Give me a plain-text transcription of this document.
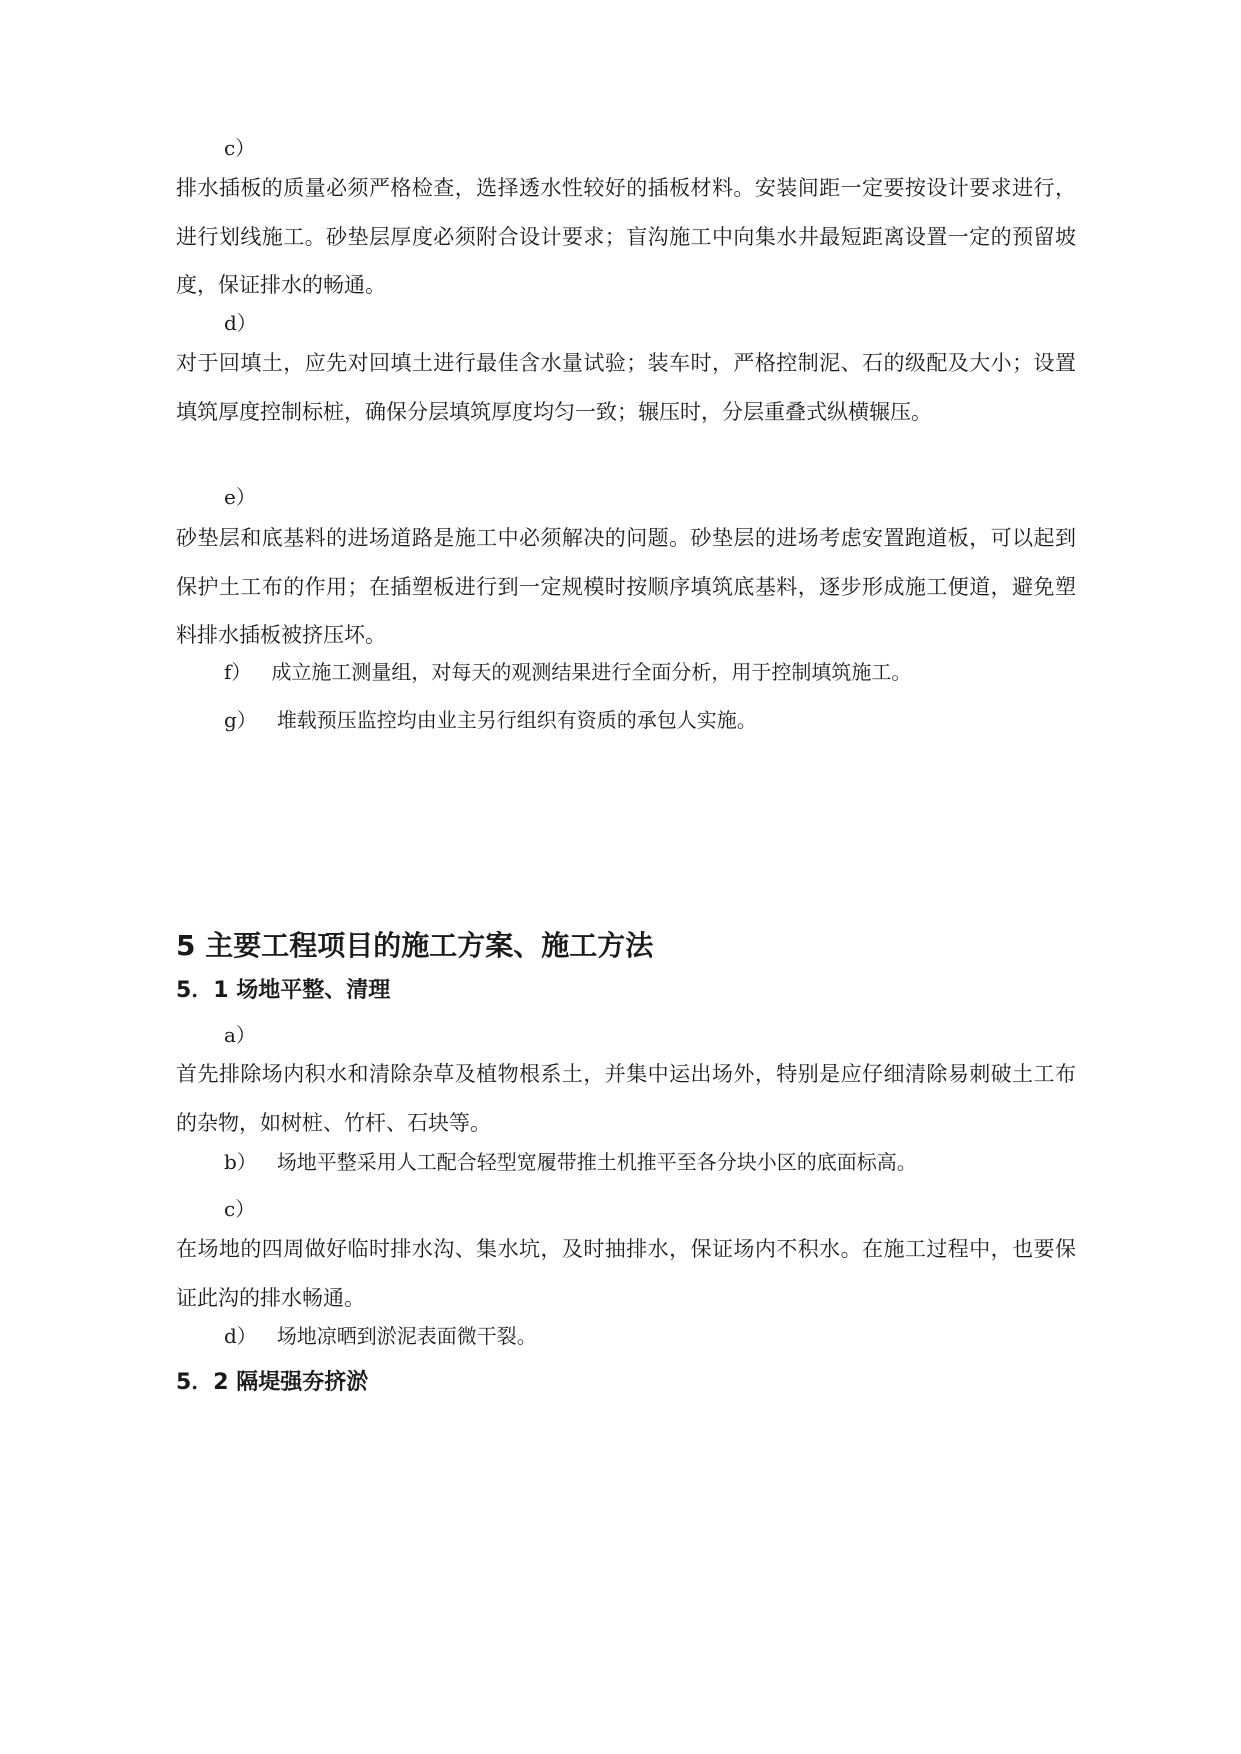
c）

排水插板的质量必须严格检查，选择透水性较好的插板材料。安装间距一定要按设计要求进行，进行划线施工。砂垫层厚度必须附合设计要求；盲沟施工中向集水井最短距离设置一定的预留坡度，保证排水的畅通。

d）

对于回填土，应先对回填土进行最佳含水量试验；装车时，严格控制泥、石的级配及大小；设置填筑厚度控制标桩，确保分层填筑厚度均匀一致；辗压时，分层重叠式纵横辗压。

e）

砂垫层和底基料的进场道路是施工中必须解决的问题。砂垫层的进场考虑安置跑道板，可以起到保护土工布的作用；在插塑板进行到一定规模时按顺序填筑底基料，逐步形成施工便道，避免塑料排水插板被挤压坏。

f） 成立施工测量组，对每天的观测结果进行全面分析，用于控制填筑施工。
g） 堆载预压监控均由业主另行组织有资质的承包人实施。
5 主要工程项目的施工方案、施工方法
5．1 场地平整、清理
a）

首先排除场内积水和清除杂草及植物根系土，并集中运出场外，特别是应仔细清除易刺破土工布的杂物，如树桩、竹杆、石块等。

b） 场地平整采用人工配合轻型宽履带推土机推平至各分块小区的底面标高。
c）

在场地的四周做好临时排水沟、集水坑，及时抽排水，保证场内不积水。在施工过程中，也要保证此沟的排水畅通。

d） 场地凉晒到淤泥表面微干裂。
5．2 隔堤强夯挤淤
